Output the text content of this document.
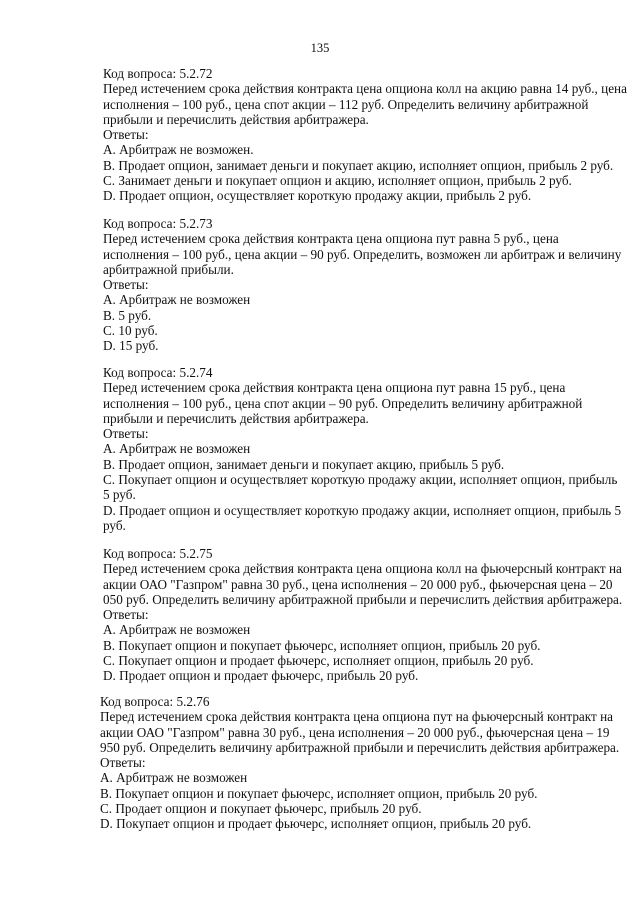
135
Код вопроса: 5.2.72
Перед истечением срока действия контракта цена опциона колл на акцию равна 14 руб., цена исполнения – 100 руб., цена спот акции – 112 руб. Определить величину арбитражной прибыли и перечислить действия арбитражера.
Ответы:
A. Арбитраж не возможен.
B. Продает опцион, занимает деньги и покупает акцию, исполняет опцион, прибыль 2 руб.
C. Занимает деньги и покупает опцион и акцию, исполняет опцион, прибыль 2 руб.
D. Продает опцион, осуществляет короткую продажу акции, прибыль 2 руб.
Код вопроса: 5.2.73
Перед истечением срока действия контракта цена опциона пут равна 5 руб., цена исполнения – 100 руб., цена акции – 90 руб. Определить, возможен ли арбитраж и величину арбитражной прибыли.
Ответы:
A. Арбитраж не возможен
B. 5 руб.
C. 10 руб.
D. 15 руб.
Код вопроса: 5.2.74
Перед истечением срока действия контракта цена опциона пут равна 15 руб., цена исполнения – 100 руб., цена спот акции – 90 руб. Определить величину арбитражной прибыли и перечислить действия арбитражера.
Ответы:
A. Арбитраж не возможен
B. Продает опцион, занимает деньги и покупает акцию, прибыль 5 руб.
C. Покупает опцион и осуществляет короткую продажу акции, исполняет опцион, прибыль 5 руб.
D. Продает опцион и осуществляет короткую продажу акции, исполняет опцион, прибыль 5 руб.
Код вопроса: 5.2.75
Перед истечением срока действия контракта цена опциона колл на фьючерсный контракт на акции ОАО "Газпром" равна 30 руб., цена исполнения – 20 000 руб., фьючерсная цена – 20 050 руб. Определить величину арбитражной прибыли и перечислить действия арбитражера.
Ответы:
A. Арбитраж не возможен
B. Покупает опцион и покупает фьючерс, исполняет опцион, прибыль 20 руб.
C. Покупает опцион и продает фьючерс, исполняет опцион, прибыль 20 руб.
D. Продает опцион и продает фьючерс, прибыль 20 руб.
Код вопроса: 5.2.76
Перед истечением срока действия контракта цена опциона пут на фьючерсный контракт на акции ОАО "Газпром" равна 30 руб., цена исполнения – 20 000 руб., фьючерсная цена – 19 950 руб. Определить величину арбитражной прибыли и перечислить действия арбитражера.
Ответы:
A. Арбитраж не возможен
B. Покупает опцион и покупает фьючерс, исполняет опцион, прибыль 20 руб.
C. Продает опцион и покупает фьючерс, прибыль 20 руб.
D. Покупает опцион и продает фьючерс, исполняет опцион, прибыль 20 руб.
